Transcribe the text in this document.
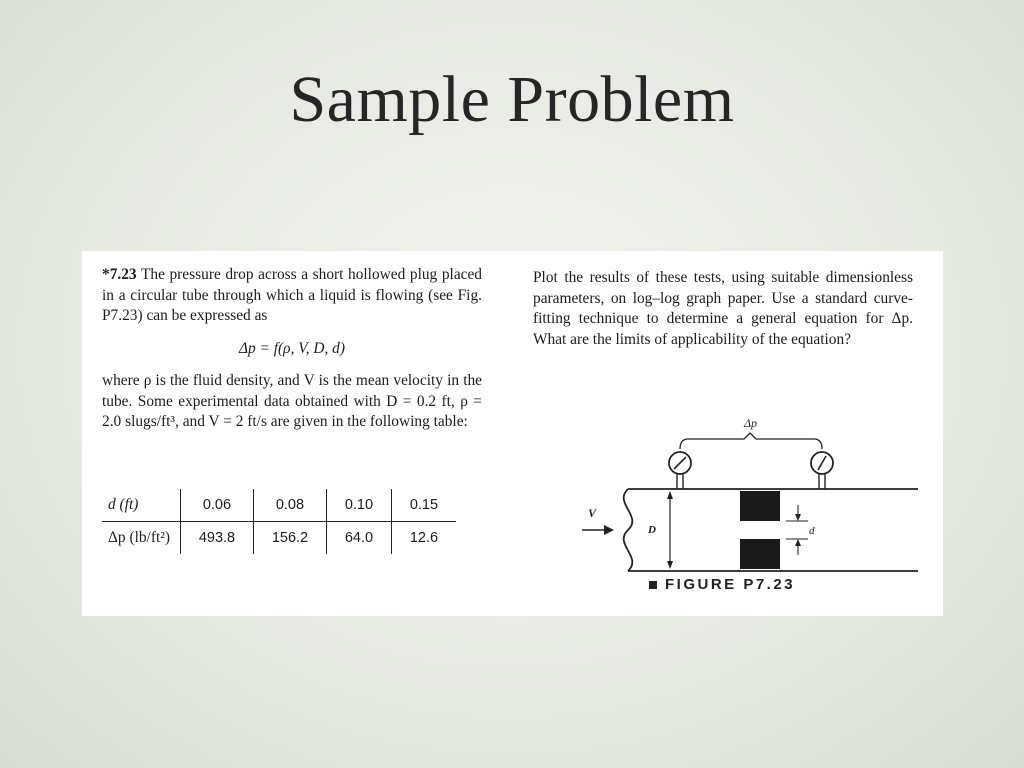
Sample Problem
*7.23 The pressure drop across a short hollowed plug placed in a circular tube through which a liquid is flowing (see Fig. P7.23) can be expressed as
Δp = f(ρ, V, D, d)
where ρ is the fluid density, and V is the mean velocity in the tube. Some experimental data obtained with D = 0.2 ft, ρ = 2.0 slugs/ft³, and V = 2 ft/s are given in the following table:
d (ft)	0.06	0.08	0.10	0.15
Δp (lb/ft²)	493.8	156.2	64.0	12.6
Plot the results of these tests, using suitable dimensionless parameters, on log–log graph paper. Use a standard curve-fitting technique to determine a general equation for Δp. What are the limits of applicability of the equation?
Δp
V
D	d
FIGURE P7.23
